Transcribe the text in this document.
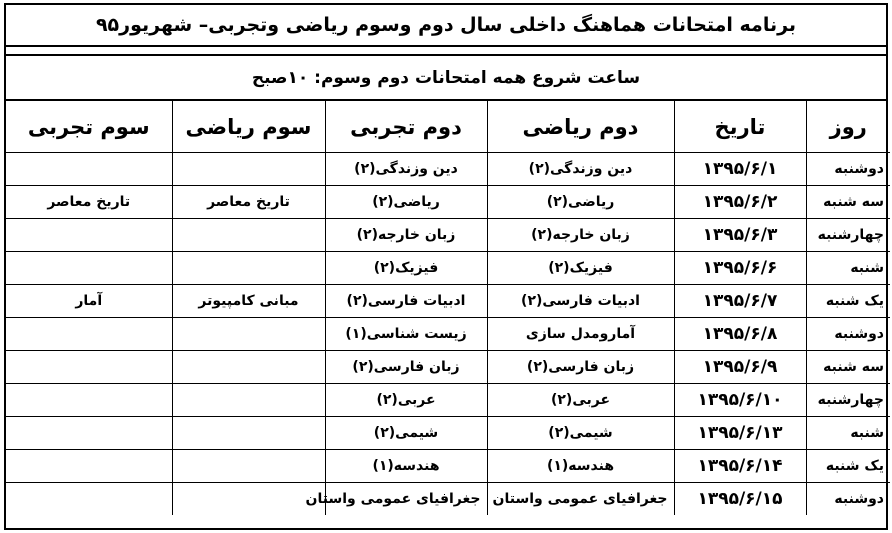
برنامه امتحانات هماهنگ داخلی سال دوم وسوم ریاضی وتجربی– شهریور۹۵
ساعت شروع همه امتحانات دوم وسوم: ۱۰صبح
روز	تاریخ	دوم ریاضی	دوم تجربی	سوم ریاضی	سوم تجربی
دوشنبه	۱۳۹۵/۶/۱	دین وزندگی(۲)	دین وزندگی(۲)		
سه شنبه	۱۳۹۵/۶/۲	ریاضی(۲)	ریاضی(۲)	تاریخ معاصر	تاریخ معاصر
چهارشنبه	۱۳۹۵/۶/۳	زبان خارجه(۲)	زبان خارجه(۲)		
شنبه	۱۳۹۵/۶/۶	فیزیک(۲)	فیزیک(۲)		
یک شنبه	۱۳۹۵/۶/۷	ادبیات فارسی(۲)	ادبیات فارسی(۲)	مبانی کامپیوتر	آمار
دوشنبه	۱۳۹۵/۶/۸	آمارومدل سازی	زیست شناسی(۱)		
سه شنبه	۱۳۹۵/۶/۹	زبان فارسی(۲)	زبان فارسی(۲)		
چهارشنبه	۱۳۹۵/۶/۱۰	عربی(۲)	عربی(۲)		
شنبه	۱۳۹۵/۶/۱۳	شیمی(۲)	شیمی(۲)		
یک شنبه	۱۳۹۵/۶/۱۴	هندسه(۱)	هندسه(۱)		
دوشنبه	۱۳۹۵/۶/۱۵	جغرافیای عمومی واستان	جغرافیای عمومی واستان		
